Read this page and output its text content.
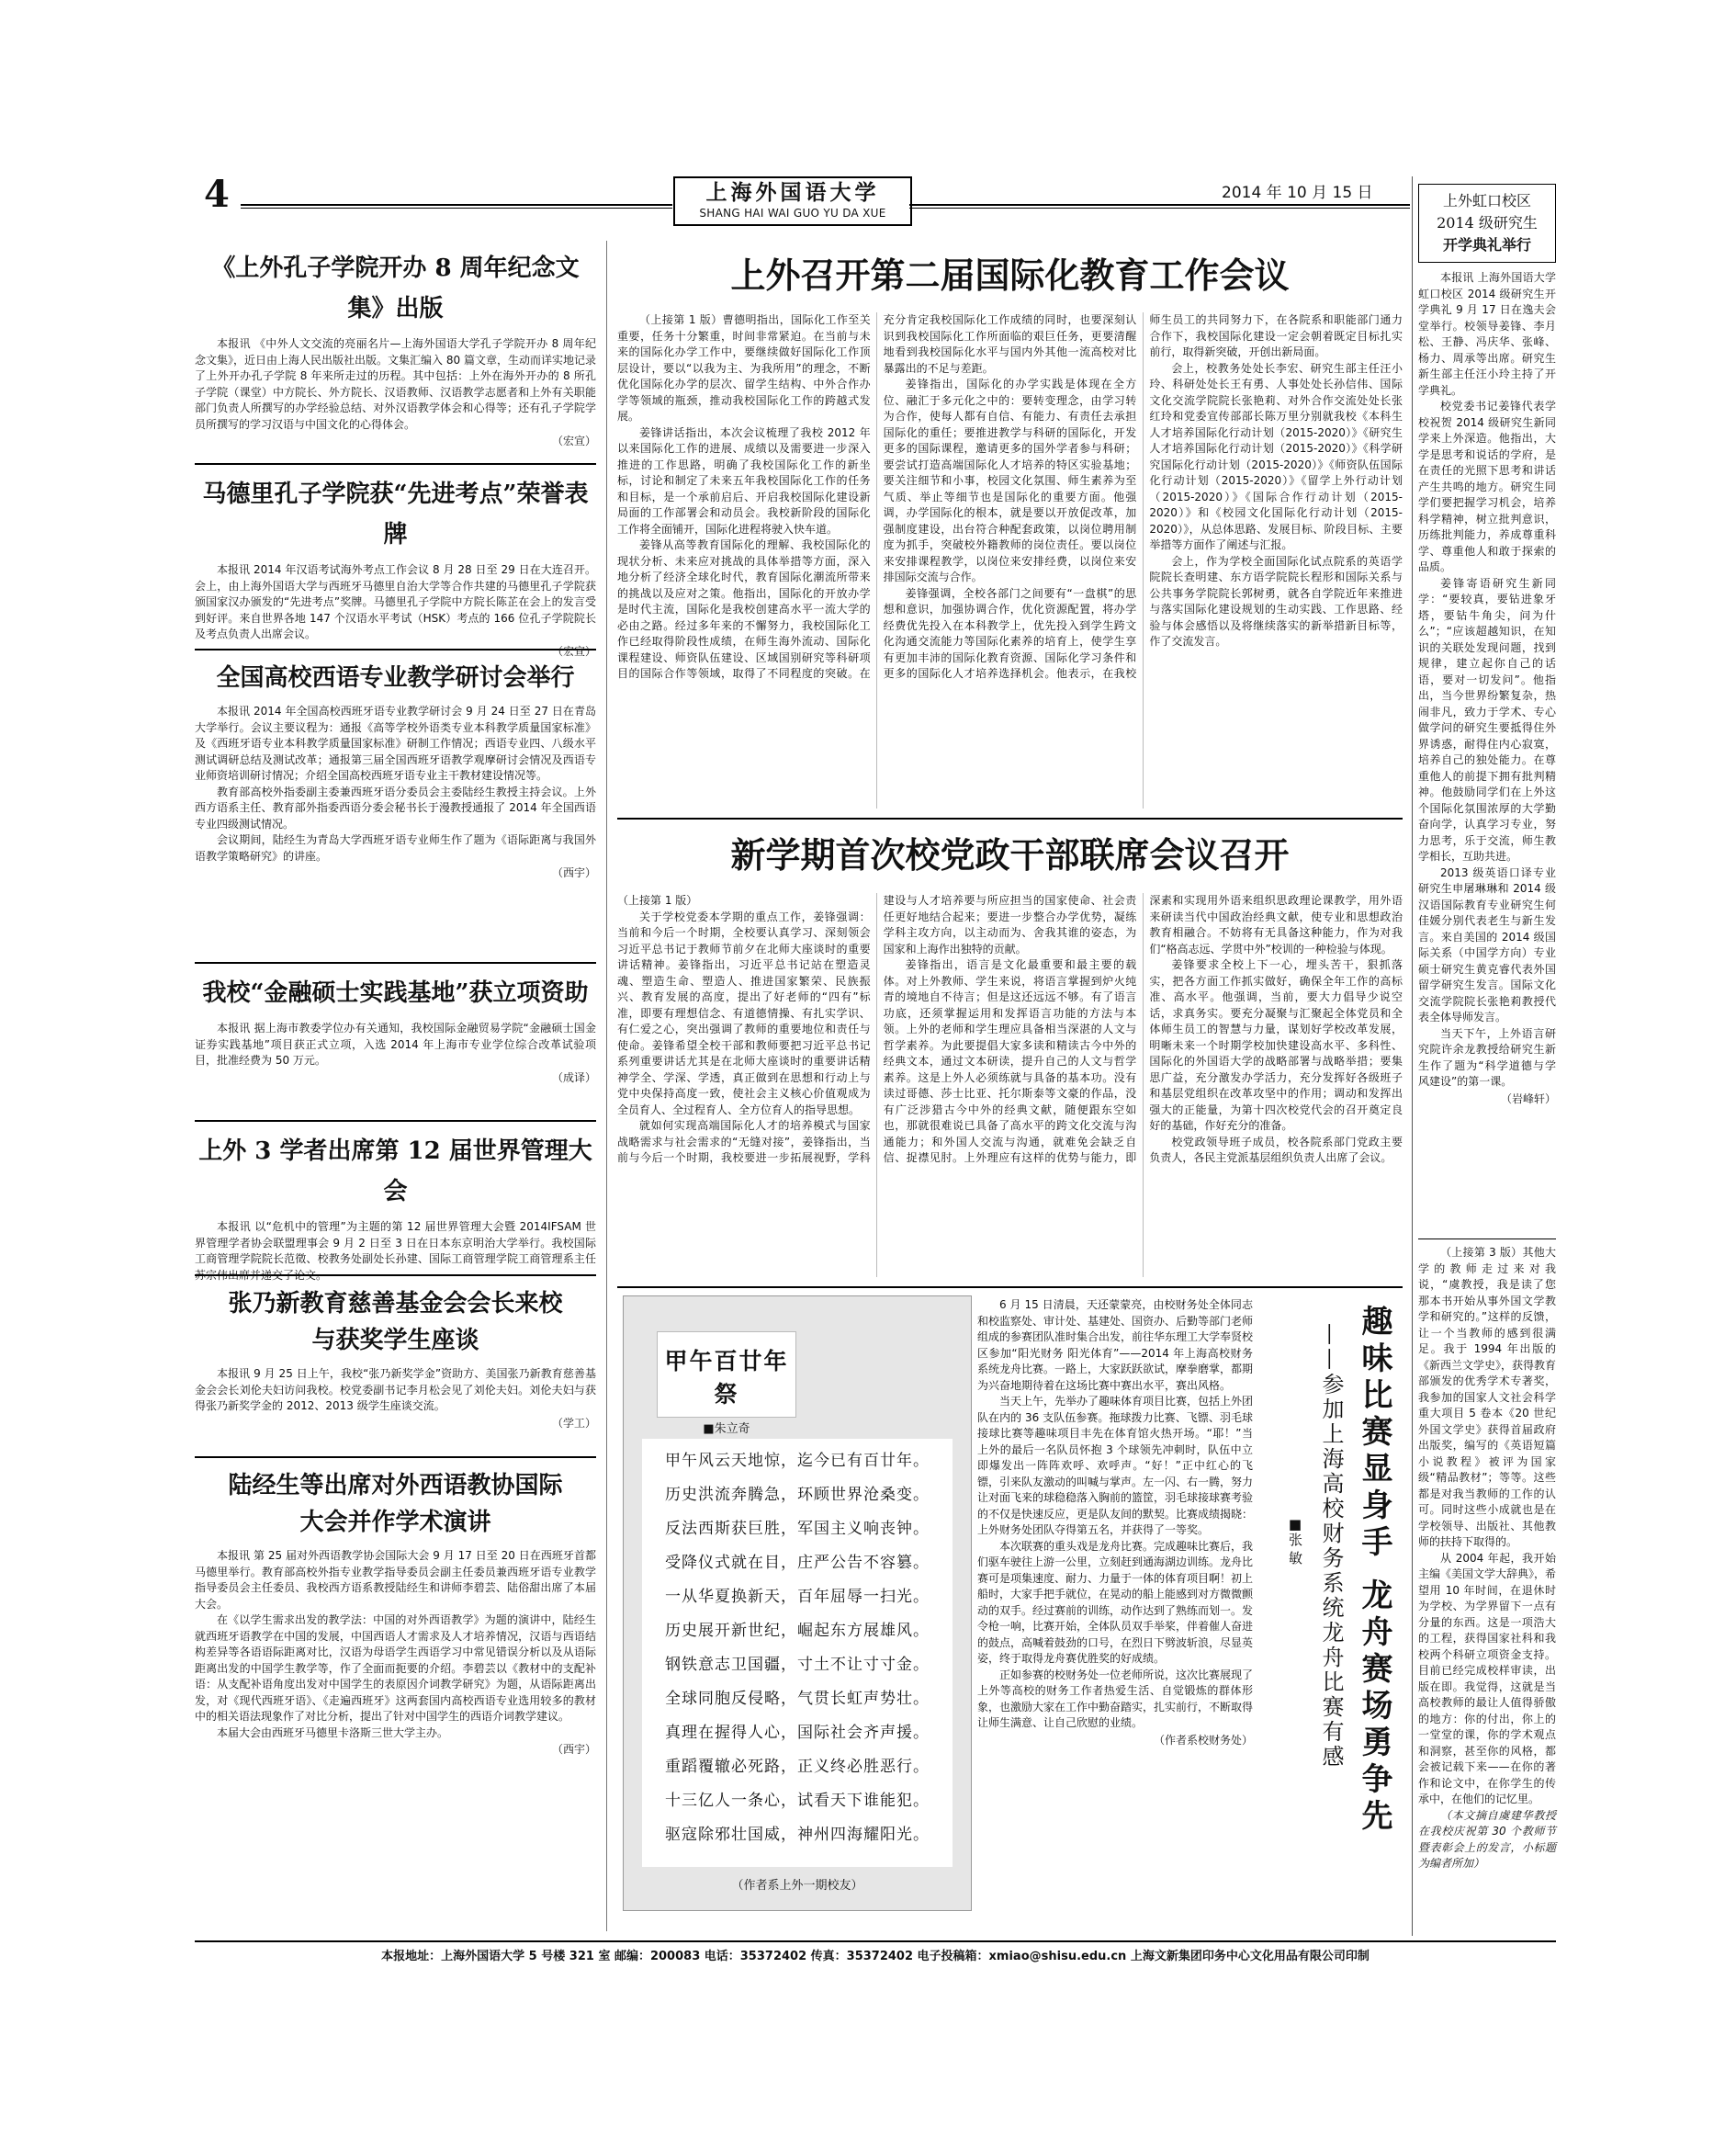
4	上海外国语大学
SHANG HAI WAI GUO YU DA XUE
2014 年 10 月 15 日
《上外孔子学院开办 8 周年纪念文集》出版

本报讯 《中外人文交流的亮丽名片—上海外国语大学孔子学院开办 8 周年纪念文集》，近日由上海人民出版社出版。文集汇编入 80 篇文章，生动而详实地记录了上外开办孔子学院 8 年来所走过的历程。其中包括：上外在海外开办的 8 所孔子学院（课堂）中方院长、外方院长、汉语教师、汉语教学志愿者和上外有关职能部门负责人所撰写的办学经验总结、对外汉语教学体会和心得等；还有孔子学院学员所撰写的学习汉语与中国文化的心得体会。

（宏宣）

马德里孔子学院获“先进考点”荣誉表牌

本报讯 2014 年汉语考试海外考点工作会议 8 月 28 日至 29 日在大连召开。会上，由上海外国语大学与西班牙马德里自治大学等合作共建的马德里孔子学院获颁国家汉办颁发的“先进考点”奖牌。马德里孔子学院中方院长陈芷在会上的发言受到好评。来自世界各地 147 个汉语水平考试（HSK）考点的 166 位孔子学院院长及考点负责人出席会议。

（宏宣）

全国高校西语专业教学研讨会举行

本报讯 2014 年全国高校西班牙语专业教学研讨会 9 月 24 日至 27 日在青岛大学举行。会议主要议程为：通报《高等学校外语类专业本科教学质量国家标准》及《西班牙语专业本科教学质量国家标准》研制工作情况；西语专业四、八级水平测试调研总结及测试改革；通报第三届全国西班牙语教学观摩研讨会情况及西语专业师资培训研讨情况；介绍全国高校西班牙语专业主干教材建设情况等。

教育部高校外指委副主委兼西班牙语分委员会主委陆经生教授主持会议。上外西方语系主任、教育部外指委西语分委会秘书长于漫教授通报了 2014 年全国西语专业四级测试情况。

会议期间，陆经生为青岛大学西班牙语专业师生作了题为《语际距离与我国外语教学策略研究》的讲座。

（西宇）

我校“金融硕士实践基地”获立项资助

本报讯 据上海市教委学位办有关通知，我校国际金融贸易学院“金融硕士国金证券实践基地”项目获正式立项，入选 2014 年上海市专业学位综合改革试验项目，批准经费为 50 万元。

（成译）

上外 3 学者出席第 12 届世界管理大会

本报讯 以“危机中的管理”为主题的第 12 届世界管理大会暨 2014IFSAM 世界管理学者协会联盟理事会 9 月 2 日至 3 日在日本东京明治大学举行。我校国际工商管理学院院长范徵、校教务处副处长孙建、国际工商管理学院工商管理系主任苏宗伟出席并递交了论文。

张乃新教育慈善基金会会长来校与获奖学生座谈

本报讯 9 月 25 日上午，我校“张乃新奖学金”资助方、美国张乃新教育慈善基金会会长刘伦夫妇访问我校。校党委副书记李月松会见了刘伦夫妇。刘伦夫妇与获得张乃新奖学金的 2012、2013 级学生座谈交流。

（学工）

陆经生等出席对外西语教协国际大会并作学术演讲

本报讯 第 25 届对外西语教学协会国际大会 9 月 17 日至 20 日在西班牙首都马德里举行。教育部高校外指专业教学指导委员会副主任委员兼西班牙语专业教学指导委员会主任委员、我校西方语系教授陆经生和讲师李碧芸、陆俗甜出席了本届大会。

在《以学生需求出发的教学法：中国的对外西语教学》为题的演讲中，陆经生就西班牙语教学在中国的发展，中国西语人才需求及人才培养情况，汉语与西语结构差异等各语语际距离对比，汉语为母语学生西语学习中常见错误分析以及从语际距离出发的中国学生教学等，作了全面而扼要的介绍。李碧芸以《教材中的支配补语：从支配补语角度出发对中国学生的表原因介词教学研究》为题，从语际距离出发，对《现代西班牙语》、《走遍西班牙》这两套国内高校西语专业选用较多的教材中的相关语法现象作了对比分析，提出了针对中国学生的西语介词教学建议。

本届大会由西班牙马德里卡洛斯三世大学主办。

（西宇）

上外召开第二届国际化教育工作会议

（上接第 1 版）曹德明指出，国际化工作至关重要，任务十分繁重，时间非常紧迫。在当前与未来的国际化办学工作中，要继续做好国际化工作顶层设计，要以“以我为主、为我所用”的理念，不断优化国际化办学的层次、留学生结构、中外合作办学等领域的瓶颈，推动我校国际化工作的跨越式发展。

姜锋讲话指出，本次会议梳理了我校 2012 年以来国际化工作的进展、成绩以及需要进一步深入推进的工作思路，明确了我校国际化工作的新坐标，讨论和制定了未来五年我校国际化工作的任务和目标，是一个承前启后、开启我校国际化建设新局面的工作部署会和动员会。我校新阶段的国际化工作将全面铺开，国际化进程将驶入快车道。

姜锋从高等教育国际化的理解、我校国际化的现状分析、未来应对挑战的具体举措等方面，深入地分析了经济全球化时代，教育国际化潮流所带来的挑战以及应对之策。他指出，国际化的开放办学是时代主流，国际化是我校创建高水平一流大学的必由之路。经过多年来的不懈努力，我校国际化工作已经取得阶段性成绩，在师生海外流动、国际化课程建设、师资队伍建设、区域国别研究等科研项目的国际合作等领域，取得了不同程度的突破。在充分肯定我校国际化工作成绩的同时，也要深刻认识到我校国际化工作所面临的艰巨任务，更要清醒地看到我校国际化水平与国内外其他一流高校对比暴露出的不足与差距。

姜锋指出，国际化的办学实践是体现在全方位、融汇于多元化之中的：要转变理念，由学习转为合作，使每人都有自信、有能力、有责任去承担国际化的重任；要推进教学与科研的国际化，开发更多的国际课程，邀请更多的国外学者参与科研；要尝试打造高端国际化人才培养的特区实验基地；要关注细节和小事，校园文化氛围、师生素养为至气质、举止等细节也是国际化的重要方面。他强调，办学国际化的根本，就是要以开放促改革，加强制度建设，出台符合种配套政策，以岗位聘用制度为抓手，突破校外籍教师的岗位责任。要以岗位来安排课程教学，以岗位来安排经费，以岗位来安排国际交流与合作。

姜锋强调，全校各部门之间要有“一盘棋”的思想和意识，加强协调合作，优化资源配置，将办学经费优先投入在本科教学上，优先投入到学生跨文化沟通交流能力等国际化素养的培育上，使学生享有更加丰沛的国际化教育资源、国际化学习条件和更多的国际化人才培养选择机会。他表示，在我校师生员工的共同努力下，在各院系和职能部门通力合作下，我校国际化建设一定会朝着既定目标扎实前行，取得新突破，开创出新局面。

会上，校教务处处长李宏、研究生部主任汪小玲、科研处处长王有勇、人事处处长孙信伟、国际文化交流学院院长张艳莉、对外合作交流处处长张红玲和党委宣传部部长陈万里分别就我校《本科生人才培养国际化行动计划（2015-2020）》《研究生人才培养国际化行动计划（2015-2020）》《科学研究国际化行动计划（2015-2020）》《师资队伍国际化行动计划（2015-2020）》《留学上外行动计划（2015-2020）》《国际合作行动计划（2015-2020）》和《校园文化国际化行动计划（2015-2020）》，从总体思路、发展目标、阶段目标、主要举措等方面作了阐述与汇报。

会上，作为学校全面国际化试点院系的英语学院院长查明建、东方语学院院长程形和国际关系与公共事务学院院长郭树勇，就各自学院近年来推进与落实国际化建设规划的生动实践、工作思路、经验与体会感悟以及将继续落实的新举措新目标等，作了交流发言。

新学期首次校党政干部联席会议召开

（上接第 1 版）

关于学校党委本学期的重点工作，姜锋强调：当前和今后一个时期，全校要认真学习、深刻领会习近平总书记于教师节前夕在北师大座谈时的重要讲话精神。姜锋指出，习近平总书记站在塑造灵魂、塑造生命、塑造人、推进国家繁荣、民族振兴、教育发展的高度，提出了好老师的“四有”标准，即要有理想信念、有道德情操、有扎实学识、有仁爱之心，突出强调了教师的重要地位和责任与使命。姜锋希望全校干部和教师要把习近平总书记系列重要讲话尤其是在北师大座谈时的重要讲话精神学全、学深、学透，真正做到在思想和行动上与党中央保持高度一致，使社会主义核心价值观成为全员育人、全过程育人、全方位育人的指导思想。

就如何实现高端国际化人才的培养模式与国家战略需求与社会需求的“无缝对接”，姜锋指出，当前与今后一个时期，我校要进一步拓展视野，学科建设与人才培养要与所应担当的国家使命、社会责任更好地结合起来；要进一步整合办学优势，凝练学科主攻方向，以主动而为、舍我其谁的姿态，为国家和上海作出独特的贡献。

姜锋指出，语言是文化最重要和最主要的载体。对上外教师、学生来说，将语言掌握到炉火纯青的境地自不待言；但是这还远远不够。有了语言功底，还须掌握运用和发挥语言功能的方法与本领。上外的老师和学生理应具备相当深湛的人文与哲学素养。为此要提倡大家多读和精读古今中外的经典文本，通过文本研读，提升自己的人文与哲学素养。这是上外人必须练就与具备的基本功。没有读过哥德、莎士比亚、托尔斯泰等文豪的作品，没有广泛涉猎古今中外的经典文献，随便跟东空如也，那就很难说已具备了高水平的跨文化交流与沟通能力；和外国人交流与沟通，就难免会缺乏自信、捉襟见肘。上外理应有这样的优势与能力，即深素和实现用外语来组织思政理论课教学，用外语来研读当代中国政治经典文献，使专业和思想政治教育相融合。不妨将有无具备这种能力，作为对我们“格高志远、学贯中外”校训的一种检验与体现。

姜锋要求全校上下一心，埋头苦干，狠抓落实，把各方面工作抓实做好，确保全年工作的高标准、高水平。他强调，当前，要大力倡导少说空话，求真务实。要充分凝聚与汇聚起全体党员和全体师生员工的智慧与力量，谋划好学校改革发展，明晰未来一个时期学校加快建设高水平、多科性、国际化的外国语大学的战略部署与战略举措；要集思广益，充分激发办学活力，充分发挥好各级班子和基层党组织在改革攻坚中的作用；调动和发挥出强大的正能量，为第十四次校党代会的召开奠定良好的基础，作好充分的准备。

校党政领导班子成员，校各院系部门党政主要负责人，各民主党派基层组织负责人出席了会议。

甲午百廿年祭
■朱立奇

甲午风云天地惊，迄今已有百廿年。

历史洪流奔腾急，环顾世界沧桑变。

反法西斯获巨胜，军国主义响丧钟。

受降仪式就在目，庄严公告不容篡。

一从华夏换新天，百年屈辱一扫光。

历史展开新世纪，崛起东方展雄风。

钢铁意志卫国疆，寸土不让寸寸金。

全球同胞反侵略，气贯长虹声势壮。

真理在握得人心，国际社会齐声援。

重蹈覆辙必死路，正义终必胜恶行。

十三亿人一条心，试看天下谁能犯。

驱寇除邪壮国威，神州四海耀阳光。

（作者系上外一期校友）

6 月 15 日清晨，天还蒙蒙亮，由校财务处全体同志和校监察处、审计处、基建处、国资办、后勤等部门老师组成的参赛团队准时集合出发，前往华东理工大学奉贤校区参加“阳光财务 阳光体育”——2014 年上海高校财务系统龙舟比赛。一路上，大家跃跃欲试，摩拳磨掌，都期为兴奋地期待着在这场比赛中赛出水平，赛出风格。

当天上午，先举办了趣味体育项目比赛，包括上外团队在内的 36 支队伍参赛。拖球拨力比赛、飞镖、羽毛球接球比赛等趣味项目丰先在体育馆火热开场。“耶！”当上外的最后一名队员怀抱 3 个球领先冲刺时，队伍中立即爆发出一阵阵欢呼、欢呼声。“好！”正中红心的飞镖，引来队友激动的叫喊与掌声。左一闪、右一腾，努力让对面飞来的球稳稳落入胸前的篮筐，羽毛球接球赛考验的不仅是快速反应，更是队友间的默契。比赛成绩揭晓：上外财务处团队夺得第五名，并获得了一等奖。

本次联赛的重头戏是龙舟比赛。完成趣味比赛后，我们驱车驶往上游一公里，立刻赶到通海湖边训练。龙舟比赛可是项集速度、耐力、力量于一体的体育项目啊！初上船时，大家手把手就位，在晃动的船上能感到对方微微颤动的双手。经过赛前的训练，动作达到了熟练而划一。发令枪一响，比赛开始，全体队员双手举桨，伴着催人奋进的鼓点，高喊着鼓劲的口号，在烈日下劈波斩浪，尽显英姿，终于取得龙舟赛优胜奖的好成绩。

正如参赛的校财务处一位老师所说，这次比赛展现了上外等高校的财务工作者热爱生活、自觉锻炼的群体形象，也激励大家在工作中勤奋踏实，扎实前行，不断取得让师生满意、让自己欣慰的业绩。

（作者系校财务处）	趣味比赛显身手 龙舟赛场勇争先
——参加上海高校财务系统龙舟比赛有感
■张 敏
上外虹口校区
2014 级研究生
开学典礼举行

本报讯 上海外国语大学虹口校区 2014 级研究生开学典礼 9 月 17 日在逸夫会堂举行。校领导姜锋、李月松、王静、冯庆华、张峰、杨力、周承等出席。研究生新生部主任汪小玲主持了开学典礼。

校党委书记姜锋代表学校祝贺 2014 级研究生新同学来上外深造。他指出，大学是思考和说话的学府，是在责任的光照下思考和讲话产生共鸣的地方。研究生同学们要把握学习机会，培养科学精神，树立批判意识，历练批判能力，养成尊重科学、尊重他人和敢于探索的品质。

姜锋寄语研究生新同学：“要较真，要钻进象牙塔，要钻牛角尖，问为什么”；“应该超越知识，在知识的关联处发现问题，找到规律，建立起你自己的话语，要对一切发问”。他指出，当今世界纷繁复杂，热闹非凡，致力于学术、专心做学问的研究生要抵得住外界诱惑，耐得住内心寂寞，培养自己的独处能力。在尊重他人的前提下拥有批判精神。他鼓励同学们在上外这个国际化氛围浓厚的大学勤奋向学，认真学习专业，努力思考，乐于交流，师生教学相长，互助共进。

2013 级英语口译专业研究生申屠琳琳和 2014 级汉语国际教育专业研究生何佳媛分别代表老生与新生发言。来自美国的 2014 级国际关系（中国学方向）专业硕士研究生黄克睿代表外国留学研究生发言。国际文化交流学院院长张艳莉教授代表全体导师发言。

当天下午，上外语言研究院许余龙教授给研究生新生作了题为“科学道德与学风建设”的第一课。

（岩峰轩）

（上接第 3 版）其他大学的教师走过来对我说，“虞教授，我是读了您那本书开始从事外国文学教学和研究的。”这样的反馈，让一个当教师的感到很满足。我于 1994 年出版的《新西兰文学史》，获得教育部颁发的优秀学术专著奖，我参加的国家人文社会科学重大项目 5 卷本《20 世纪外国文学史》获得首届政府出版奖，编写的《英语短篇小说教程》被评为国家级“精品教材”；等等。这些都是对我当教师的工作的认可。同时这些小成就也是在学校领导、出版社、其他教师的扶持下取得的。

从 2004 年起，我开始主编《美国文学大辞典》，希望用 10 年时间，在退休时为学校、为学界留下一点有分量的东西。这是一项浩大的工程，获得国家社科和我校两个科研立项资金支持。目前已经完成校样审读，出版在即。我觉得，这就是当高校教师的最让人值得骄傲的地方：你的付出，你上的一堂堂的课，你的学术观点和洞察，甚至你的风格，都会被记载下来——在你的著作和论文中，在你学生的传承中，在他们的记忆里。

（本文摘自虞建华教授在我校庆祝第 30 个教师节暨表彰会上的发言，小标题为编者所加）

本报地址：上海外国语大学 5 号楼 321 室 邮编：200083 电话：35372402 传真：35372402 电子投稿箱：xmiao@shisu.edu.cn 上海文新集团印务中心文化用品有限公司印制
